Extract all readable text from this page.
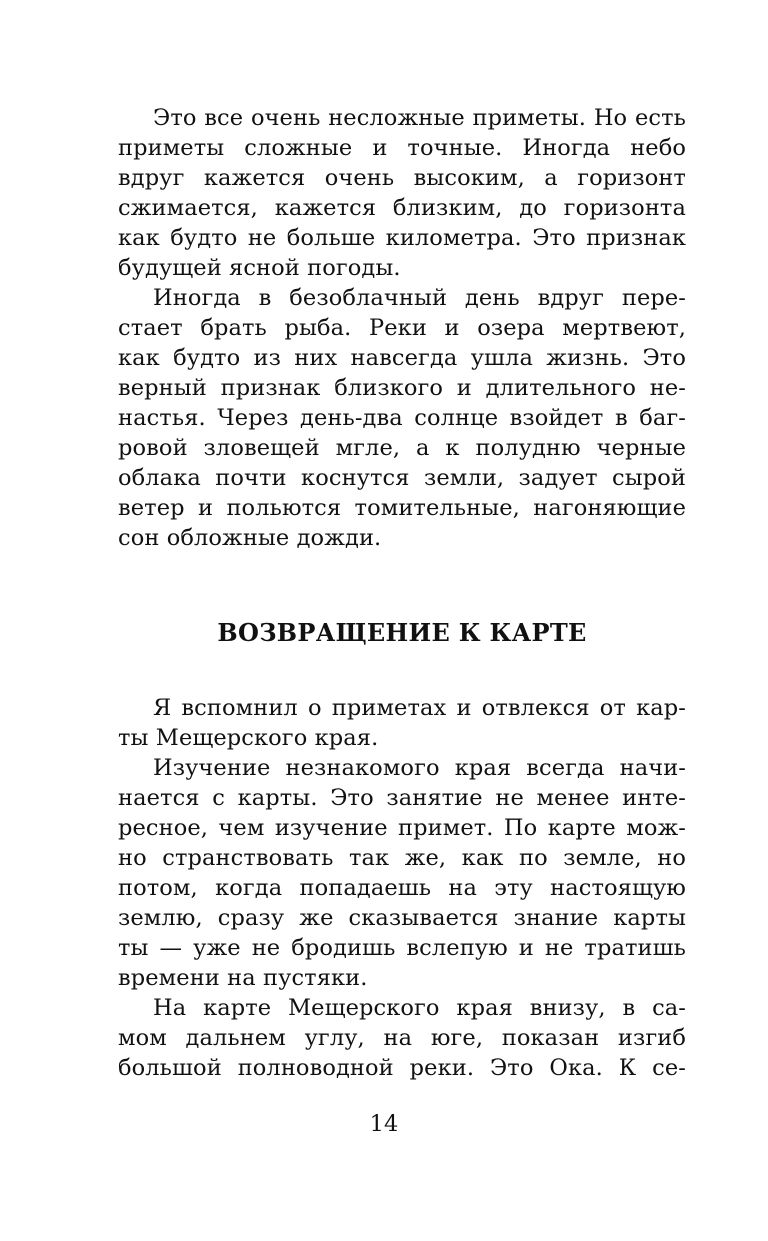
Это все очень несложные приметы. Но есть
приметы сложные и точные. Иногда небо
вдруг кажется очень высоким, а горизонт
сжимается, кажется близким, до горизонта
как будто не больше километра. Это признак
будущей ясной погоды.
Иногда в безоблачный день вдруг пере-
стает брать рыба. Реки и озера мертвеют,
как будто из них навсегда ушла жизнь. Это
верный признак близкого и длительного не-
настья. Через день-два солнце взойдет в баг-
ровой зловещей мгле, а к полудню черные
облака почти коснутся земли, задует сырой
ветер и польются томительные, нагоняющие
сон обложные дожди.
ВОЗВРАЩЕНИЕ К КАРТЕ
Я вспомнил о приметах и отвлекся от кар-
ты Мещерского края.
Изучение незнакомого края всегда начи-
нается с карты. Это занятие не менее инте-
ресное, чем изучение примет. По карте мож-
но странствовать так же, как по земле, но
потом, когда попадаешь на эту настоящую
землю, сразу же сказывается знание карты
ты — уже не бродишь вслепую и не тратишь
времени на пустяки.
На карте Мещерского края внизу, в са-
мом дальнем углу, на юге, показан изгиб
большой полноводной реки. Это Ока. К се-
14
